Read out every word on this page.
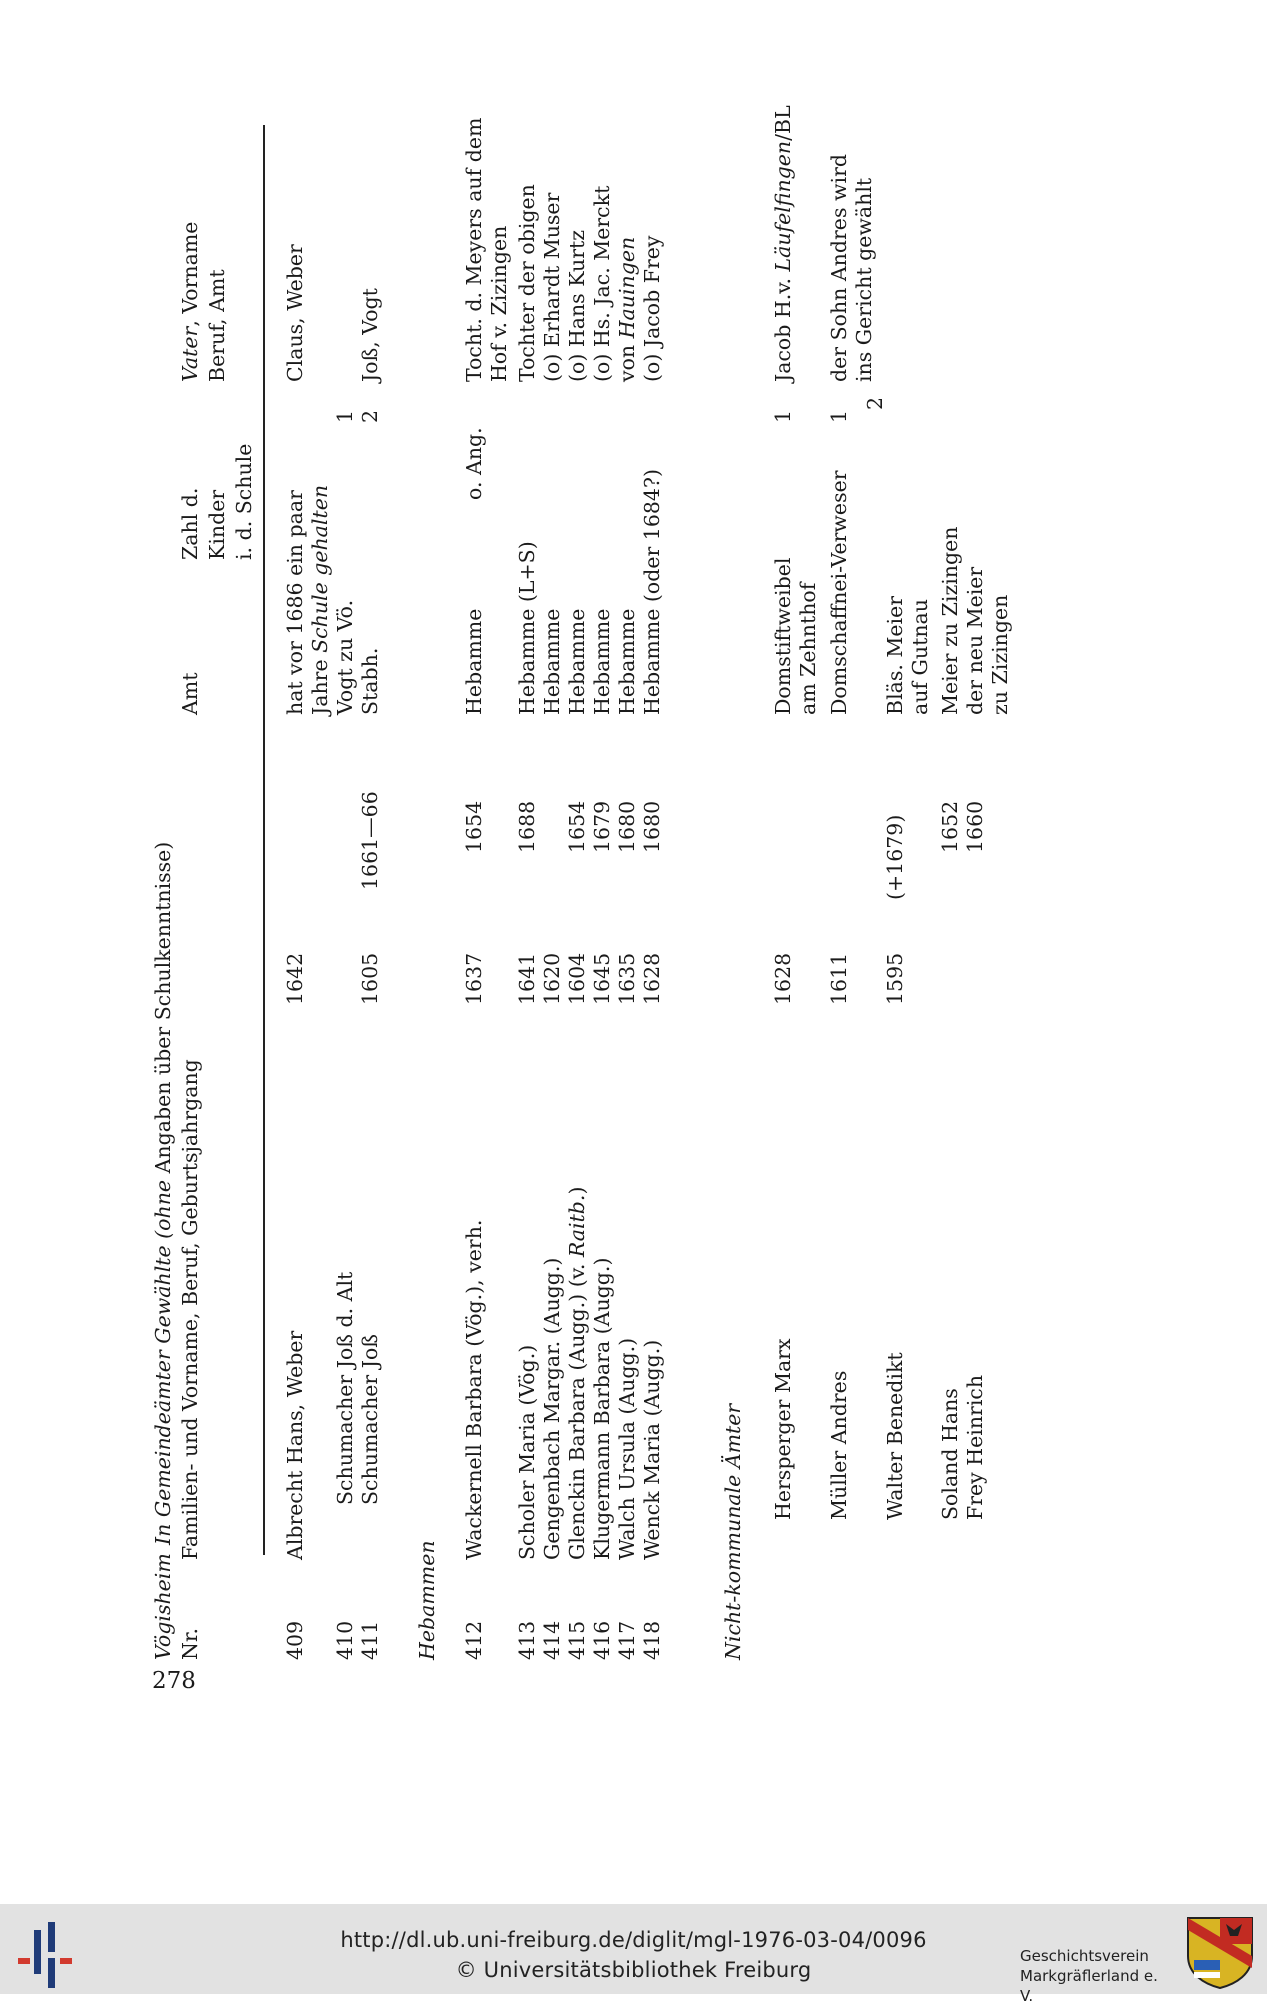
278
Vögisheim
In Gemeindeämter Gewählte (ohne Angaben über Schulkenntnisse)
Vater, Vorname
Nr.
Familien- und Vorname, Beruf, Geburtsjahrgang
Amt
Zahl d. Kinder
Beruf, Amt
i. d. Schule
409
Albrecht Hans, Weber
1642
hat vor 1686 ein paar
Claus, Weber
Jahre Schule gehalten
410
Schumacher Joß d. Alt
Vogt zu Vö.
1
411
Schumacher Joß
1605
1661—66
Stabh.
2
Joß, Vogt
Hebammen 412
Wackernell Barbara (Vög.), verh.
1637
1654
Hebamme
o. Ang.
Tocht. d. Meyers auf dem Hof v. Zizingen
413
Scholer Maria (Vög.)
1641
1688
Hebamme (L+S)
Tochter der obigen
414
Gengenbach Margar. (Augg.)
1620
Hebamme
(o) Erhardt Muser
415
Glenckin Barbara (Augg.) (v. Raitb.)
1604
1654
Hebamme
(o) Hans Kurtz
416
Klugermann Barbara (Augg.)
1645
1679
Hebamme
(o) Hs. Jac. Merckt
417
Walch Ursula (Augg.)
1635
1680
Hebamme
von Hauingen
418
Wenck Maria (Augg.)
1628
1680
Hebamme (oder 1684?)
(o) Jacob Frey
Nicht-kommunale Ämter Hersperger Marx
1628
Domstiftweibel
1
Jacob H.v. Läufelfingen/BL
am Zehnthof
Müller Andres
1611
Domschaffnei-Verweser
1
der Sohn Andres wird ins Gericht gewählt
Walter Benedikt
1595
(+1679)
Bläs. Meier
2
auf Gutnau
Soland Hans
1652
Meier zu Zizingen
Frey Heinrich
1660
der neu Meier zu Zizingen
http://dl.ub.uni-freiburg.de/diglit/mgl-1976-03-04/0096
© Universitätsbibliothek Freiburg
Geschichtsverein
Markgräflerland e. V.
